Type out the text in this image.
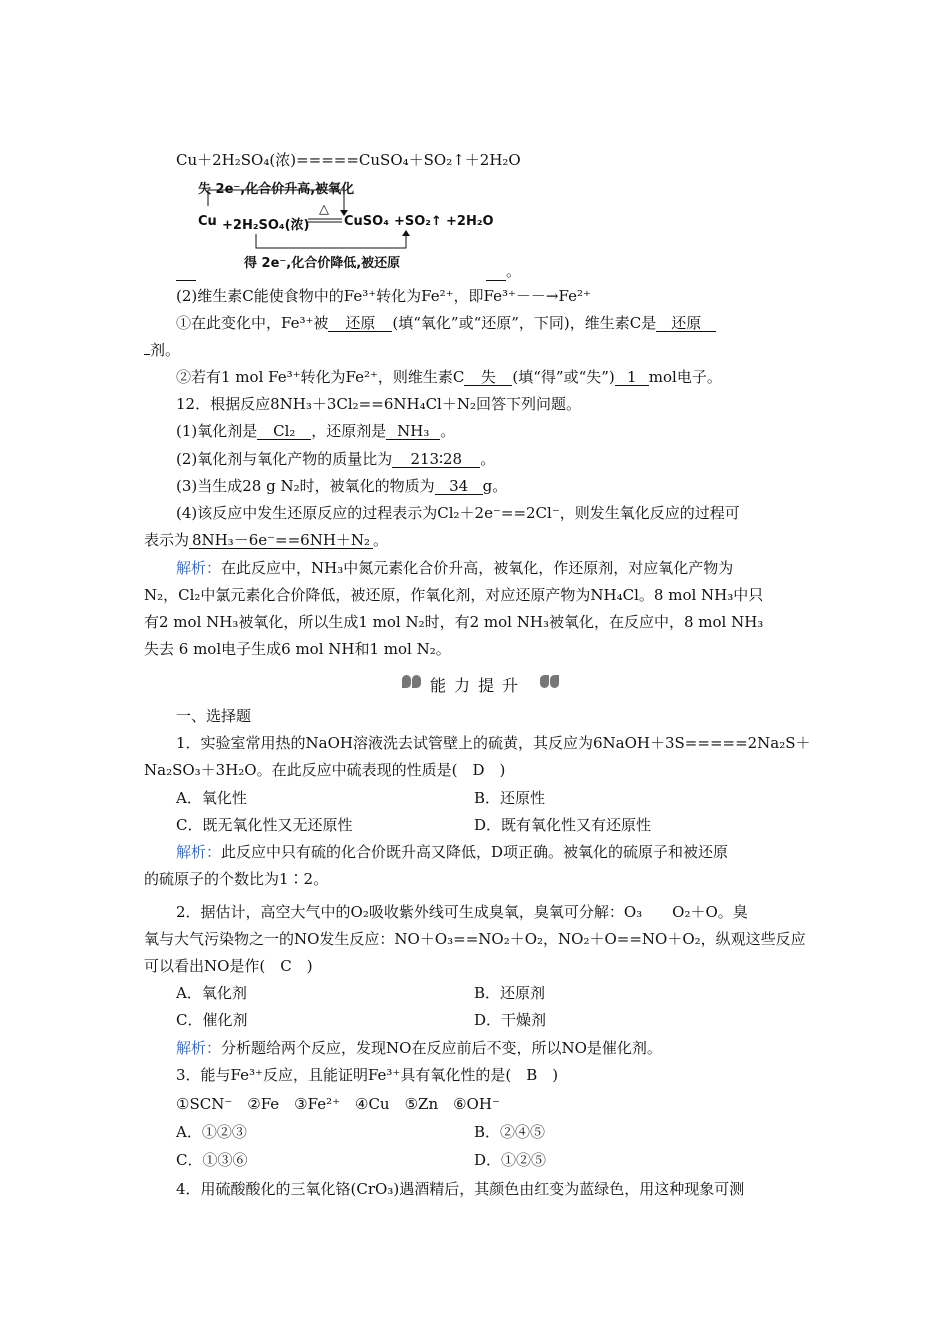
Cu＋2H₂SO₄(浓)=====CuSO₄＋SO₂↑＋2H₂O
失 2e⁻,化合价升高,被氧化
△
Cu +2H₂SO₄(浓)	CuSO₄ +SO₂↑ +2H₂O
得 2e⁻,化合价降低,被还原	。
(2)维生素C能使食物中的Fe³⁺转化为Fe²⁺，即Fe³⁺－－→Fe²⁺
①在此变化中，Fe³⁺被 还原 (填“氧化”或“还原”，下同)，维生素C是 还原
剂。
②若有1 mol Fe³⁺转化为Fe²⁺，则维生素C 失 (填“得”或“失”) 1 mol电子。
12．根据反应8NH₃＋3Cl₂==6NH₄Cl＋N₂回答下列问题。
(1)氧化剂是 Cl₂ ，还原剂是 NH₃ 。
(2)氧化剂与氧化产物的质量比为 213∶28 。
(3)当生成28 g N₂时，被氧化的物质为 34 g。
(4)该反应中发生还原反应的过程表示为Cl₂＋2e⁻==2Cl⁻，则发生氧化反应的过程可
表示为 8NH₃－6e⁻==6NH＋N₂ 。
解析：在此反应中，NH₃中氮元素化合价升高，被氧化，作还原剂，对应氧化产物为
N₂，Cl₂中氯元素化合价降低，被还原，作氧化剂，对应还原产物为NH₄Cl。8 mol NH₃中只
有2 mol NH₃被氧化，所以生成1 mol N₂时，有2 mol NH₃被氧化，在反应中，8 mol NH₃
失去 6 mol电子生成6 mol NH和1 mol N₂。
能力提升
一、选择题
1．实验室常用热的NaOH溶液洗去试管壁上的硫黄，其反应为6NaOH＋3S=====2Na₂S＋
Na₂SO₃＋3H₂O。在此反应中硫表现的性质是(　D　)
A．氧化性	B．还原性
C．既无氧化性又无还原性	D．既有氧化性又有还原性
解析：此反应中只有硫的化合价既升高又降低，D项正确。被氧化的硫原子和被还原
的硫原子的个数比为1∶2。
2．据估计，高空大气中的O₂吸收紫外线可生成臭氧，臭氧可分解：O₃　　O₂＋O。臭
氧与大气污染物之一的NO发生反应：NO＋O₃==NO₂＋O₂，NO₂＋O==NO＋O₂，纵观这些反应
可以看出NO是作(　C　)
A．氧化剂	B．还原剂
C．催化剂	D．干燥剂
解析：分析题给两个反应，发现NO在反应前后不变，所以NO是催化剂。
3．能与Fe³⁺反应，且能证明Fe³⁺具有氧化性的是(　B　)
①SCN⁻　②Fe　③Fe²⁺　④Cu　⑤Zn　⑥OH⁻
A．①②③	B．②④⑤
C．①③⑥	D．①②⑤
4．用硫酸酸化的三氧化铬(CrO₃)遇酒精后，其颜色由红变为蓝绿色，用这种现象可测
